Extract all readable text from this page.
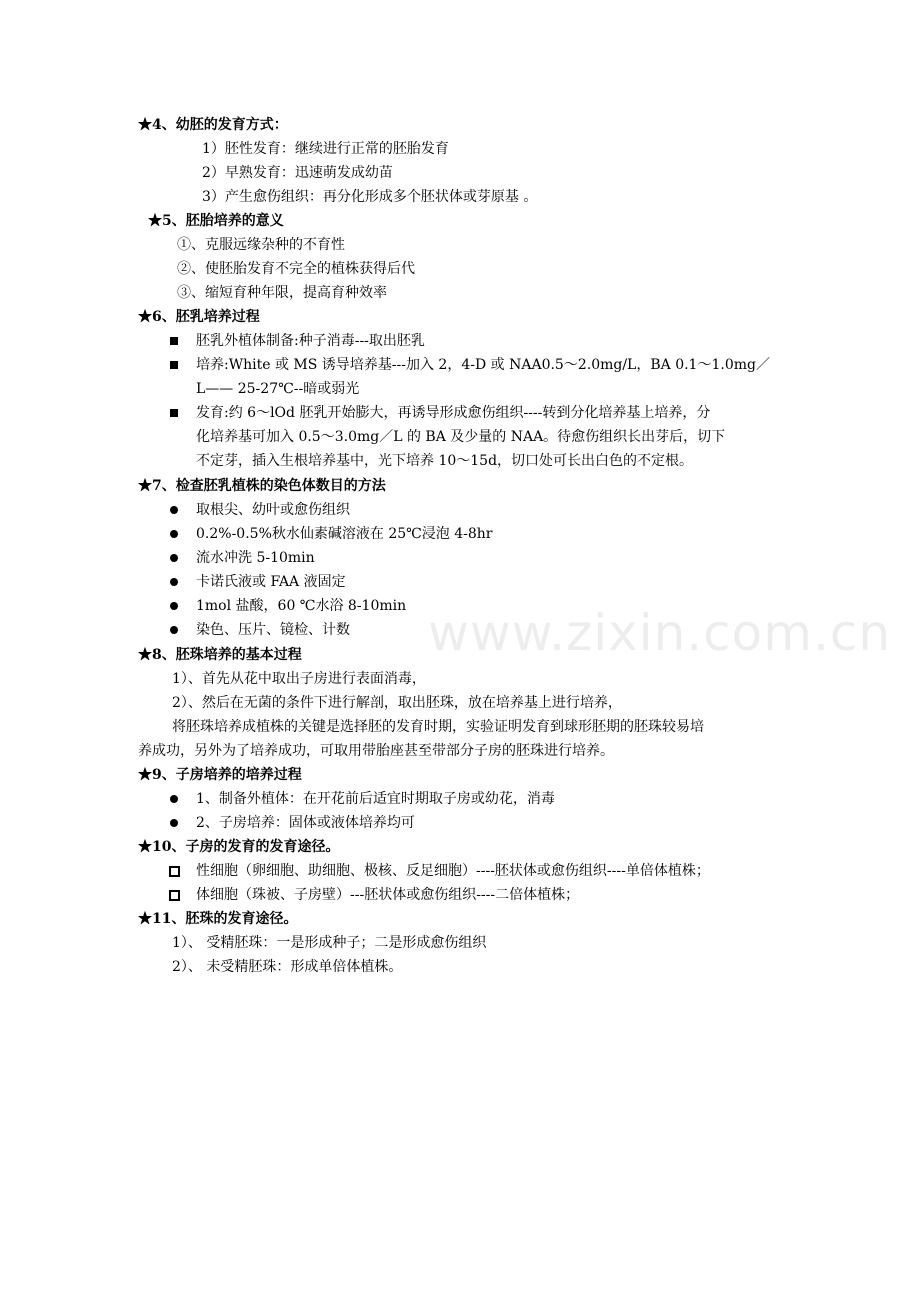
www.zixin.com.cn
★4、幼胚的发育方式：
1）胚性发育：继续进行正常的胚胎发育
2）早熟发育：迅速萌发成幼苗
3）产生愈伤组织：再分化形成多个胚状体或芽原基 。
★5、胚胎培养的意义
①、克服远缘杂种的不育性
②、使胚胎发育不完全的植株获得后代
③、缩短育种年限，提高育种效率
★6、胚乳培养过程
胚乳外植体制备:种子消毒---取出胚乳
培养:White 或 MS 诱导培养基---加入 2，4-D 或 NAA0.5～2.0mg/L，BA 0.1～1.0mg／
L—— 25-27℃--暗或弱光
发育:约 6～lOd 胚乳开始膨大，再诱导形成愈伤组织----转到分化培养基上培养，分
化培养基可加入 0.5～3.0mg／L 的 BA 及少量的 NAA。待愈伤组织长出芽后，切下
不定芽，插入生根培养基中，光下培养 10～15d，切口处可长出白色的不定根。
★7、检查胚乳植株的染色体数目的方法
取根尖、幼叶或愈伤组织
0.2%-0.5%秋水仙素碱溶液在 25℃浸泡 4-8hr
流水冲洗 5-10min
卡诺氏液或 FAA 液固定
1mol 盐酸，60 ℃水浴 8-10min
染色、压片、镜检、计数
★8、胚珠培养的基本过程
1）、首先从花中取出子房进行表面消毒，
2）、然后在无菌的条件下进行解剖，取出胚珠，放在培养基上进行培养，
将胚珠培养成植株的关键是选择胚的发育时期，实验证明发育到球形胚期的胚珠较易培
养成功，另外为了培养成功，可取用带胎座甚至带部分子房的胚珠进行培养。
★9、子房培养的培养过程
1、制备外植体：在开花前后适宜时期取子房或幼花，消毒
2、子房培养：固体或液体培养均可
★10、子房的发育的发育途径。
性细胞（卵细胞、助细胞、极核、反足细胞）----胚状体或愈伤组织----单倍体植株；
体细胞（珠被、子房壁）---胚状体或愈伤组织----二倍体植株；
★11、胚珠的发育途径。
1）、 受精胚珠：一是形成种子；二是形成愈伤组织
2）、 未受精胚珠：形成单倍体植株。
